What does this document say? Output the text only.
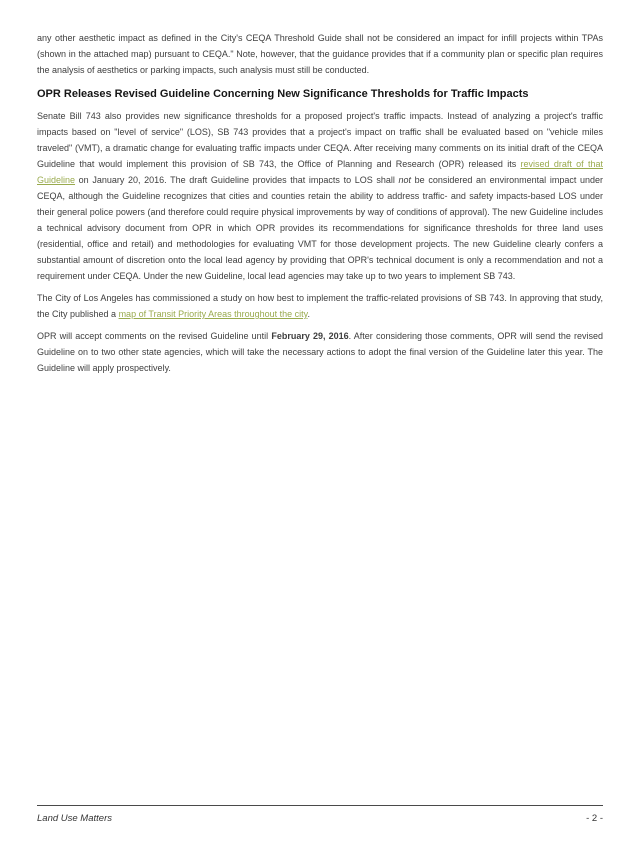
any other aesthetic impact as defined in the City's CEQA Threshold Guide shall not be considered an impact for infill projects within TPAs (shown in the attached map) pursuant to CEQA." Note, however, that the guidance provides that if a community plan or specific plan requires the analysis of aesthetics or parking impacts, such analysis must still be conducted.

OPR Releases Revised Guideline Concerning New Significance Thresholds for Traffic Impacts

Senate Bill 743 also provides new significance thresholds for a proposed project's traffic impacts. Instead of analyzing a project's traffic impacts based on "level of service" (LOS), SB 743 provides that a project's impact on traffic shall be evaluated based on "vehicle miles traveled" (VMT), a dramatic change for evaluating traffic impacts under CEQA. After receiving many comments on its initial draft of the CEQA Guideline that would implement this provision of SB 743, the Office of Planning and Research (OPR) released its revised draft of that Guideline on January 20, 2016. The draft Guideline provides that impacts to LOS shall not be considered an environmental impact under CEQA, although the Guideline recognizes that cities and counties retain the ability to address traffic- and safety impacts-based LOS under their general police powers (and therefore could require physical improvements by way of conditions of approval). The new Guideline includes a technical advisory document from OPR in which OPR provides its recommendations for significance thresholds for three land uses (residential, office and retail) and methodologies for evaluating VMT for those development projects. The new Guideline clearly confers a substantial amount of discretion onto the local lead agency by providing that OPR's technical document is only a recommendation and not a requirement under CEQA. Under the new Guideline, local lead agencies may take up to two years to implement SB 743.

The City of Los Angeles has commissioned a study on how best to implement the traffic-related provisions of SB 743. In approving that study, the City published a map of Transit Priority Areas throughout the city.

OPR will accept comments on the revised Guideline until February 29, 2016. After considering those comments, OPR will send the revised Guideline on to two other state agencies, which will take the necessary actions to adopt the final version of the Guideline later this year. The Guideline will apply prospectively.

Land Use Matters	- 2 -
